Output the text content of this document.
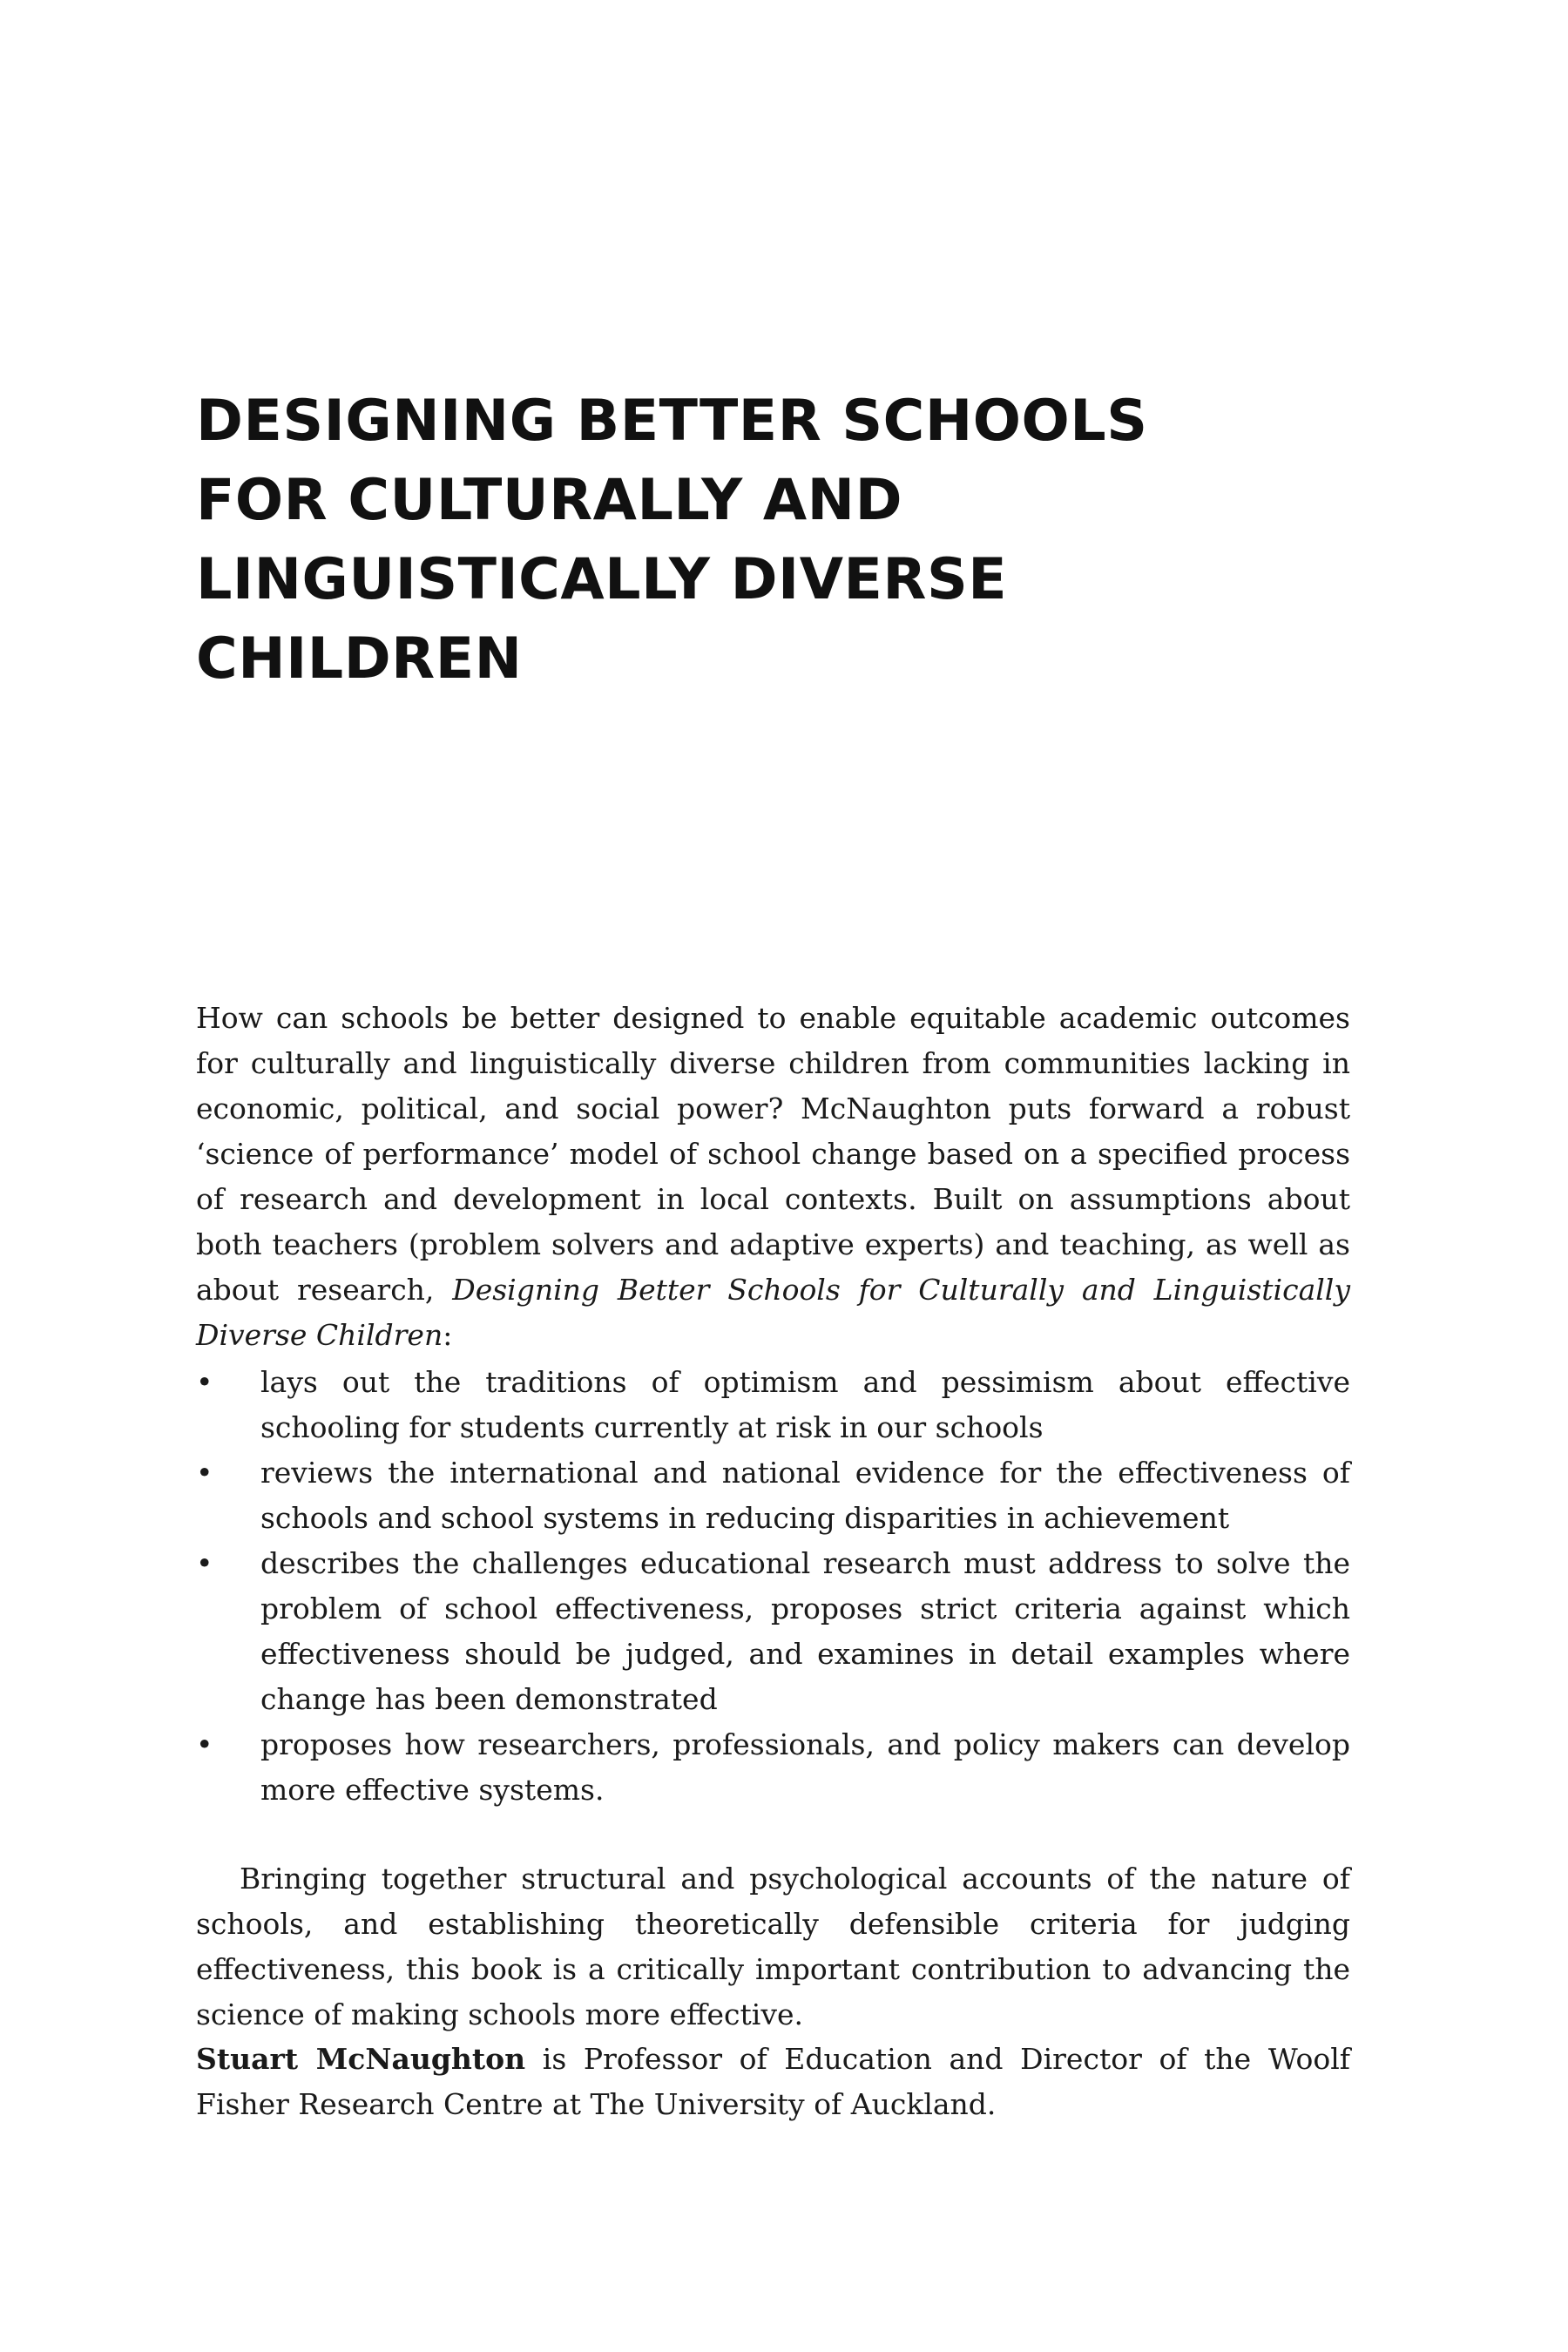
DESIGNING BETTER SCHOOLS
FOR CULTURALLY AND
LINGUISTICALLY DIVERSE
CHILDREN

How can schools be better designed to enable equitable academic outcomes for culturally and linguistically diverse children from communities lacking in economic, political, and social power? McNaughton puts forward a robust ‘science of performance’ model of school change based on a specified process of research and development in local contexts. Built on assumptions about both teachers (problem solvers and adaptive experts) and teaching, as well as about research, Designing Better Schools for Culturally and Linguistically Diverse Children:

•	lays out the traditions of optimism and pessimism about effective schooling for students currently at risk in our schools
•	reviews the international and national evidence for the effectiveness of schools and school systems in reducing disparities in achievement
•	describes the challenges educational research must address to solve the problem of school effectiveness, proposes strict criteria against which effectiveness should be judged, and examines in detail examples where change has been demonstrated
•	proposes how researchers, professionals, and policy makers can develop more effective systems.

Bringing together structural and psychological accounts of the nature of schools, and establishing theoretically defensible criteria for judging effectiveness, this book is a critically important contribution to advancing the science of making schools more effective.

Stuart McNaughton is Professor of Education and Director of the Woolf Fisher Research Centre at The University of Auckland.
